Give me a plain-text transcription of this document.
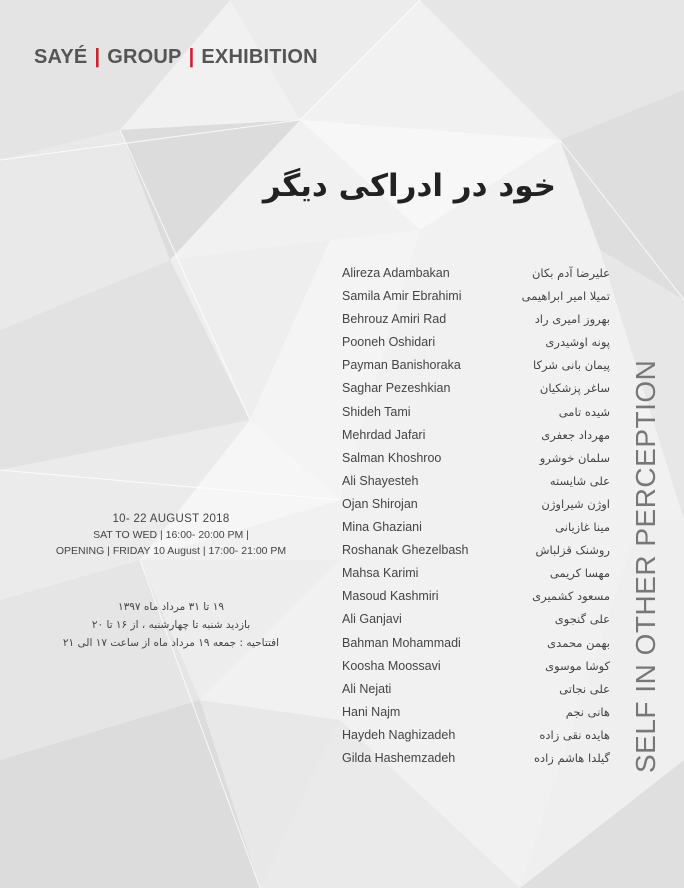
SAYÉ | GROUP | EXHIBITION
خود در ادراکی دیگر
Alireza Adambakan	علیرضا آدم بکان
Samila Amir Ebrahimi	تمیلا امیر ابراهیمی
Behrouz Amiri Rad	بهروز امیری راد
Pooneh Oshidari	پونه اوشیدری
Payman Banishoraka	پیمان بانی شرکا
Saghar Pezeshkian	ساغر پزشکیان
Shideh Tami	شیده تامی
Mehrdad Jafari	مهرداد جعفری
Salman Khoshroo	سلمان خوشرو
Ali Shayesteh	علی شایسته
Ojan Shirojan	اوژن شیراوژن
Mina Ghaziani	مینا غازیانی
Roshanak Ghezelbash	روشنک قزلباش
Mahsa Karimi	مهسا کریمی
Masoud Kashmiri	مسعود کشمیری
Ali Ganjavi	علی گنجوی
Bahman Mohammadi	بهمن محمدی
Koosha Moossavi	کوشا موسوی
Ali Nejati	علی نجاتی
Hani Najm	هانی نجم
Haydeh Naghizadeh	هایده نقی زاده
Gilda Hashemzadeh	گیلدا هاشم زاده SELF IN OTHER PERCEPTION
10- 22 AUGUST 2018
SAT TO WED | 16:00- 20:00 PM |
OPENING | FRIDAY 10 August | 17:00- 21:00 PM
۱۹ تا ۳۱ مرداد ماه ۱۳۹۷
بازدید شنبه تا چهارشنبه ، از ۱۶ تا ۲۰
افتتاحیه : جمعه ۱۹ مرداد ماه از ساعت ۱۷ الی ۲۱
